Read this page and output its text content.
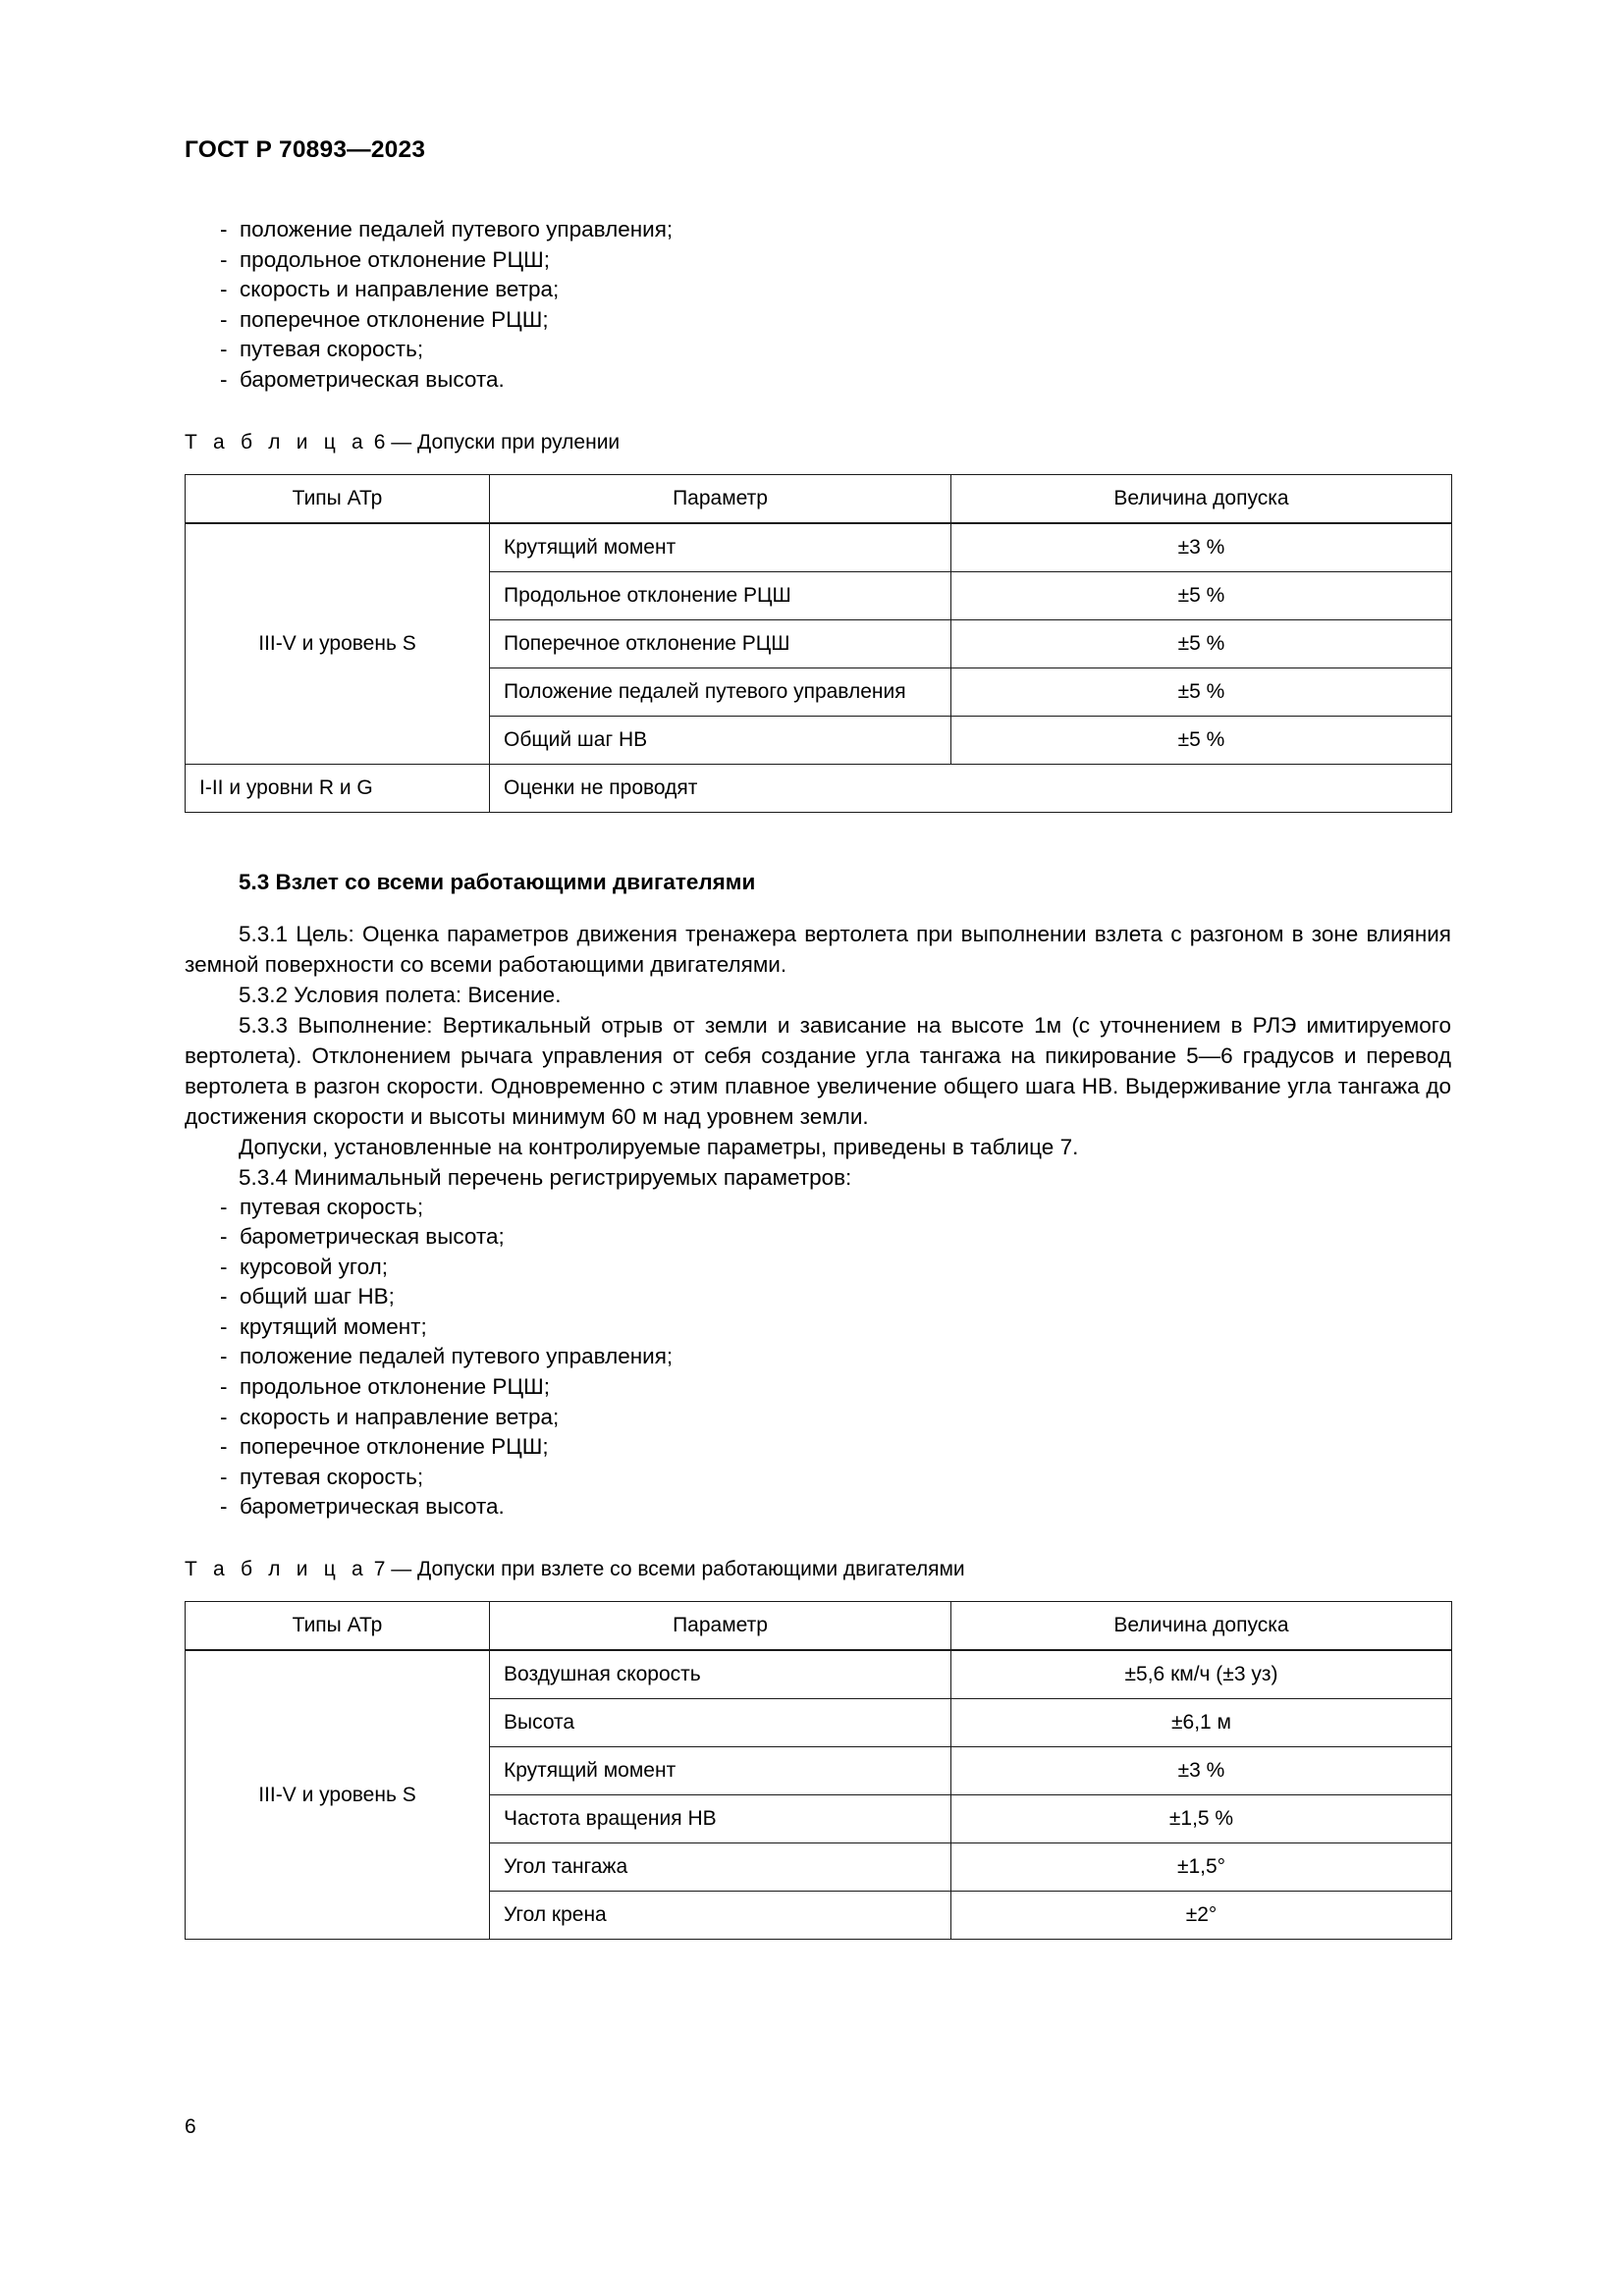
ГОСТ Р 70893—2023
- положение педалей путевого управления;
- продольное отклонение РЦШ;
- скорость и направление ветра;
- поперечное отклонение РЦШ;
- путевая скорость;
- барометрическая высота.

Т а б л и ц а 6 — Допуски при рулении

Типы АТр	Параметр	Величина допуска
III-V и уровень S	Крутящий момент	±3 %
	Продольное отклонение РЦШ	±5 %
	Поперечное отклонение РЦШ	±5 %
	Положение педалей путевого управления	±5 %
	Общий шаг НВ	±5 %
I-II и уровни R и G	Оценки не проводят	
5.3 Взлет со всеми работающими двигателями

5.3.1 Цель: Оценка параметров движения тренажера вертолета при выполнении взлета с разгоном в зоне влияния земной поверхности со всеми работающими двигателями.

5.3.2 Условия полета: Висение.

5.3.3 Выполнение: Вертикальный отрыв от земли и зависание на высоте 1м (с уточнением в РЛЭ имитируемого вертолета). Отклонением рычага управления от себя создание угла тангажа на пикирование 5—6 градусов и перевод вертолета в разгон скорости. Одновременно с этим плавное увеличение общего шага НВ. Выдерживание угла тангажа до достижения скорости и высоты минимум 60 м над уровнем земли.

Допуски, установленные на контролируемые параметры, приведены в таблице 7.

5.3.4 Минимальный перечень регистрируемых параметров:

- путевая скорость;
- барометрическая высота;
- курсовой угол;
- общий шаг НВ;
- крутящий момент;
- положение педалей путевого управления;
- продольное отклонение РЦШ;
- скорость и направление ветра;
- поперечное отклонение РЦШ;
- путевая скорость;
- барометрическая высота.

Т а б л и ц а 7 — Допуски при взлете со всеми работающими двигателями

Типы АТр	Параметр	Величина допуска
III-V и уровень S	Воздушная скорость	±5,6 км/ч (±3 уз)
	Высота	±6,1 м
	Крутящий момент	±3 %
	Частота вращения НВ	±1,5 %
	Угол тангажа	±1,5°
	Угол крена	±2°
6
